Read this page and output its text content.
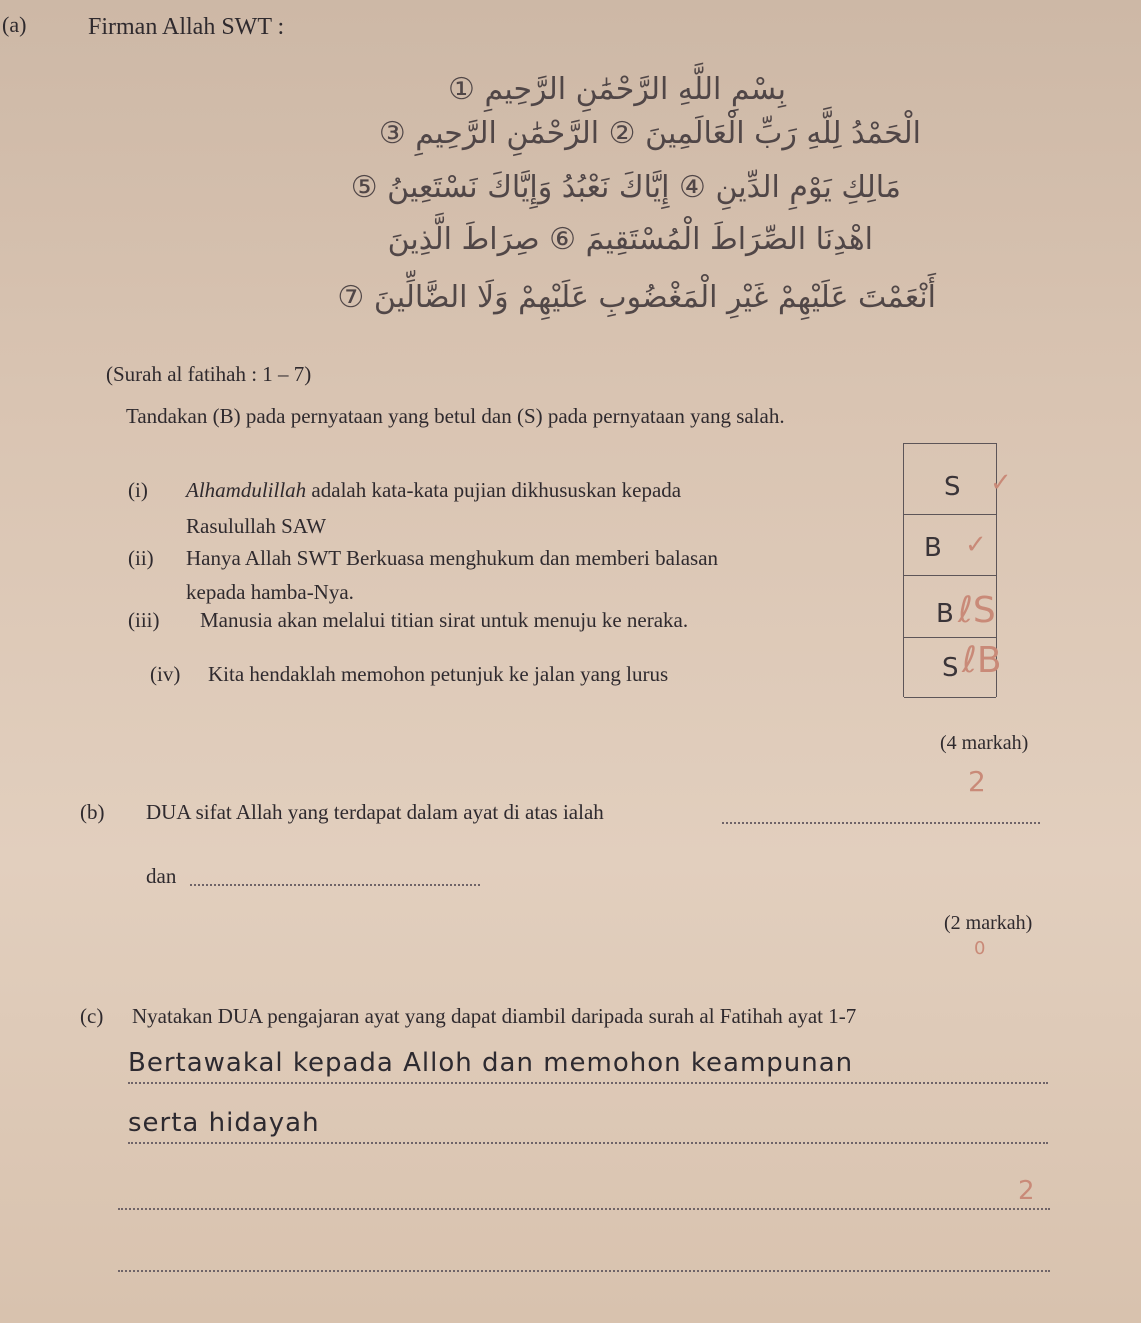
(a)	Firman Allah SWT :
بِسْمِ اللَّهِ الرَّحْمَٰنِ الرَّحِيمِ ①
الْحَمْدُ لِلَّهِ رَبِّ الْعَالَمِينَ ② الرَّحْمَٰنِ الرَّحِيمِ ③
مَالِكِ يَوْمِ الدِّينِ ④ إِيَّاكَ نَعْبُدُ وَإِيَّاكَ نَسْتَعِينُ ⑤
اهْدِنَا الصِّرَاطَ الْمُسْتَقِيمَ ⑥ صِرَاطَ الَّذِينَ
أَنْعَمْتَ عَلَيْهِمْ غَيْرِ الْمَغْضُوبِ عَلَيْهِمْ وَلَا الضَّالِّينَ ⑦
(Surah al fatihah : 1 – 7)
Tandakan (B) pada pernyataan yang betul dan (S) pada pernyataan yang salah.
(i) Alhamdulillah adalah kata-kata pujian dikhususkan kepada
Rasulullah SAW
(ii) Hanya Allah SWT Berkuasa menghukum dan memberi balasan
kepada hamba-Nya.
(iii) Manusia akan melalui titian sirat untuk menuju ke neraka.
(iv) Kita hendaklah memohon petunjuk ke jalan yang lurus
S
B
B
S
✓
✓
ℓS
ℓB
(4 markah)
2
(b) DUA sifat Allah yang terdapat dalam ayat di atas ialah
dan
(2 markah)
0
(c) Nyatakan DUA pengajaran ayat yang dapat diambil daripada surah al Fatihah ayat 1-7
Bertawakal kepada Alloh dan memohon keampunan
serta hidayah
2
